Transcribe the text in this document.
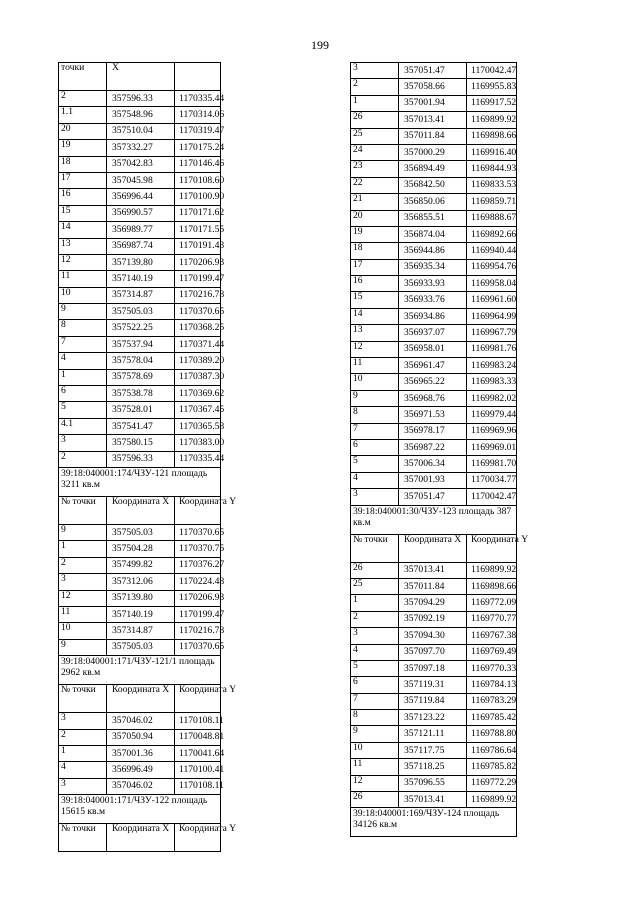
199
точки	X	
2	357596.33	1170335.44
1.1	357548.96	1170314.06
20	357510.04	1170319.47
19	357332.27	1170175.24
18	357042.83	1170146.46
17	357045.98	1170108.60
16	356996.44	1170100.90
15	356990.57	1170171.62
14	356989.77	1170171.55
13	356987.74	1170191.43
12	357139.80	1170206.93
11	357140.19	1170199.47
10	357314.87	1170216.78
9	357505.03	1170370.65
8	357522.25	1170368.25
7	357537.94	1170371.44
4	357578.04	1170389.20
1	357578.69	1170387.30
6	357538.78	1170369.62
5	357528.01	1170367.45
4.1	357541.47	1170365.58
3	357580.15	1170383.00
2	357596.33	1170335.44
39:18:040001:174/ЧЗУ-121 площадь 3211 кв.м		
№ точки	Координата X	Координата Y
9	357505.03	1170370.65
1	357504.28	1170370.75
2	357499.82	1170376.27
3	357312.06	1170224.48
12	357139.80	1170206.93
11	357140.19	1170199.47
10	357314.87	1170216.78
9	357505.03	1170370.65
39:18:040001:171/ЧЗУ-121/1 площадь 2962 кв.м		
№ точки	Координата X	Координата Y
3	357046.02	1170108.11
2	357050.94	1170048.81
1	357001.36	1170041.64
4	356996.49	1170100.41
3	357046.02	1170108.11
39:18:040001:171/ЧЗУ-122 площадь 15615 кв.м		
№ точки	Координата X	Координата Y
3	357051.47	1170042.47
2	357058.66	1169955.83
1	357001.94	1169917.52
26	357013.41	1169899.92
25	357011.84	1169898.66
24	357000.29	1169916.40
23	356894.49	1169844.93
22	356842.50	1169833.53
21	356850.06	1169859.71
20	356855.51	1169888.67
19	356874.04	1169892.66
18	356944.86	1169940.44
17	356935.34	1169954.76
16	356933.93	1169958.04
15	356933.76	1169961.60
14	356934.86	1169964.99
13	356937.07	1169967.79
12	356958.01	1169981.76
11	356961.47	1169983.24
10	356965.22	1169983.33
9	356968.76	1169982.02
8	356971.53	1169979.44
7	356978.17	1169969.96
6	356987.22	1169969.01
5	357006.34	1169981.70
4	357001.93	1170034.77
3	357051.47	1170042.47
39:18:040001:30/ЧЗУ-123 площадь 387 кв.м		
№ точки	Координата X	Координата Y
26	357013.41	1169899.92
25	357011.84	1169898.66
1	357094.29	1169772.09
2	357092.19	1169770.77
3	357094.30	1169767.38
4	357097.70	1169769.49
5	357097.18	1169770.33
6	357119.31	1169784.13
7	357119.84	1169783.29
8	357123.22	1169785.42
9	357121.11	1169788.80
10	357117.75	1169786.64
11	357118.25	1169785.82
12	357096.55	1169772.29
26	357013.41	1169899.92
39:18:040001:169/ЧЗУ-124 площадь 34126 кв.м		
